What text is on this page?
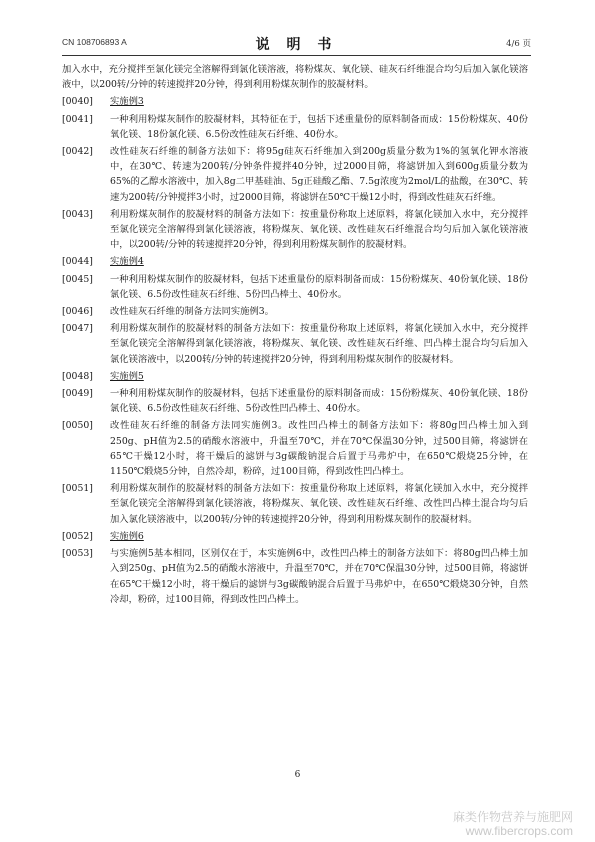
CN 108706893 A	说 明 书	4/6 页
加入水中，充分搅拌至氯化镁完全溶解得到氯化镁溶液，将粉煤灰、氧化镁、硅灰石纤维混合均匀后加入氯化镁溶液中，以200转/分钟的转速搅拌20分钟，得到利用粉煤灰制作的胶凝材料。
[0040]	实施例3
[0041]	一种利用粉煤灰制作的胶凝材料，其特征在于，包括下述重量份的原料制备而成：15份粉煤灰、40份氧化镁、18份氯化镁、6.5份改性硅灰石纤维、40份水。
[0042]	改性硅灰石纤维的制备方法如下：将95g硅灰石纤维加入到200g质量分数为1%的氢氧化钾水溶液中，在30℃、转速为200转/分钟条件搅拌40分钟，过2000目筛，将滤饼加入到600g质量分数为65%的乙醇水溶液中，加入8g二甲基硅油、5g正硅酸乙酯、7.5g浓度为2mol/L的盐酸，在30℃、转速为200转/分钟搅拌3小时，过2000目筛，将滤饼在50℃干燥12小时，得到改性硅灰石纤维。
[0043]	利用粉煤灰制作的胶凝材料的制备方法如下：按重量份称取上述原料，将氯化镁加入水中，充分搅拌至氯化镁完全溶解得到氯化镁溶液，将粉煤灰、氧化镁、改性硅灰石纤维混合均匀后加入氯化镁溶液中，以200转/分钟的转速搅拌20分钟，得到利用粉煤灰制作的胶凝材料。
[0044]	实施例4
[0045]	一种利用粉煤灰制作的胶凝材料，包括下述重量份的原料制备而成：15份粉煤灰、40份氧化镁、18份氯化镁、6.5份改性硅灰石纤维、5份凹凸棒土、40份水。
[0046]	改性硅灰石纤维的制备方法同实施例3。
[0047]	利用粉煤灰制作的胶凝材料的制备方法如下：按重量份称取上述原料，将氯化镁加入水中，充分搅拌至氯化镁完全溶解得到氯化镁溶液，将粉煤灰、氧化镁、改性硅灰石纤维、凹凸棒土混合均匀后加入氯化镁溶液中，以200转/分钟的转速搅拌20分钟，得到利用粉煤灰制作的胶凝材料。
[0048]	实施例5
[0049]	一种利用粉煤灰制作的胶凝材料，包括下述重量份的原料制备而成：15份粉煤灰、40份氧化镁、18份氯化镁、6.5份改性硅灰石纤维、5份改性凹凸棒土、40份水。
[0050]	改性硅灰石纤维的制备方法同实施例3。改性凹凸棒土的制备方法如下：将80g凹凸棒土加入到250g、pH值为2.5的硝酸水溶液中，升温至70℃，并在70℃保温30分钟，过500目筛，将滤饼在65℃干燥12小时，将干燥后的滤饼与3g碳酸钠混合后置于马弗炉中，在650℃煅烧25分钟，在1150℃煅烧5分钟，自然冷却，粉碎，过100目筛，得到改性凹凸棒土。
[0051]	利用粉煤灰制作的胶凝材料的制备方法如下：按重量份称取上述原料，将氯化镁加入水中，充分搅拌至氯化镁完全溶解得到氯化镁溶液，将粉煤灰、氧化镁、改性硅灰石纤维、改性凹凸棒土混合均匀后加入氯化镁溶液中，以200转/分钟的转速搅拌20分钟，得到利用粉煤灰制作的胶凝材料。
[0052]	实施例6
[0053]	与实施例5基本相同，区别仅在于，本实施例6中，改性凹凸棒土的制备方法如下：将80g凹凸棒土加入到250g、pH值为2.5的硝酸水溶液中，升温至70℃，并在70℃保温30分钟，过500目筛，将滤饼在65℃干燥12小时，将干燥后的滤饼与3g碳酸钠混合后置于马弗炉中，在650℃煅烧30分钟，自然冷却，粉碎，过100目筛，得到改性凹凸棒土。
6
麻类作物营养与施肥网
www.fibercrops.com
